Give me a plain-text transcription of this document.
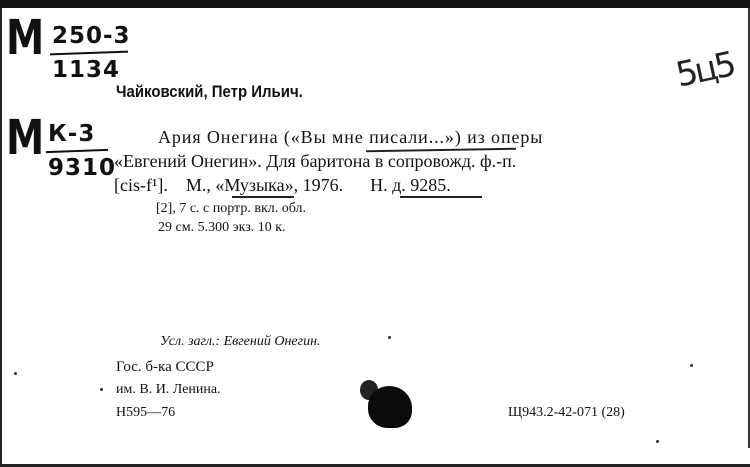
M 250-3
1134
M К-3
9310
5ц5
Чайковский, Петр Ильич.
Ария Онегина («Вы мне писали...») из оперы
«Евгений Онегин». Для баритона в сопровожд. ф.-п.
[cis-f¹].    М., «Музыка», 1976.      Н. д. 9285.
[2], 7 с. с портр. вкл. обл.
29 см. 5.300 экз. 10 к.
Усл. загл.: Евгений Онегин.
Гос. б-ка СССР
им. В. И. Ленина.
Н595—76	Щ943.2-42-071 (28)
